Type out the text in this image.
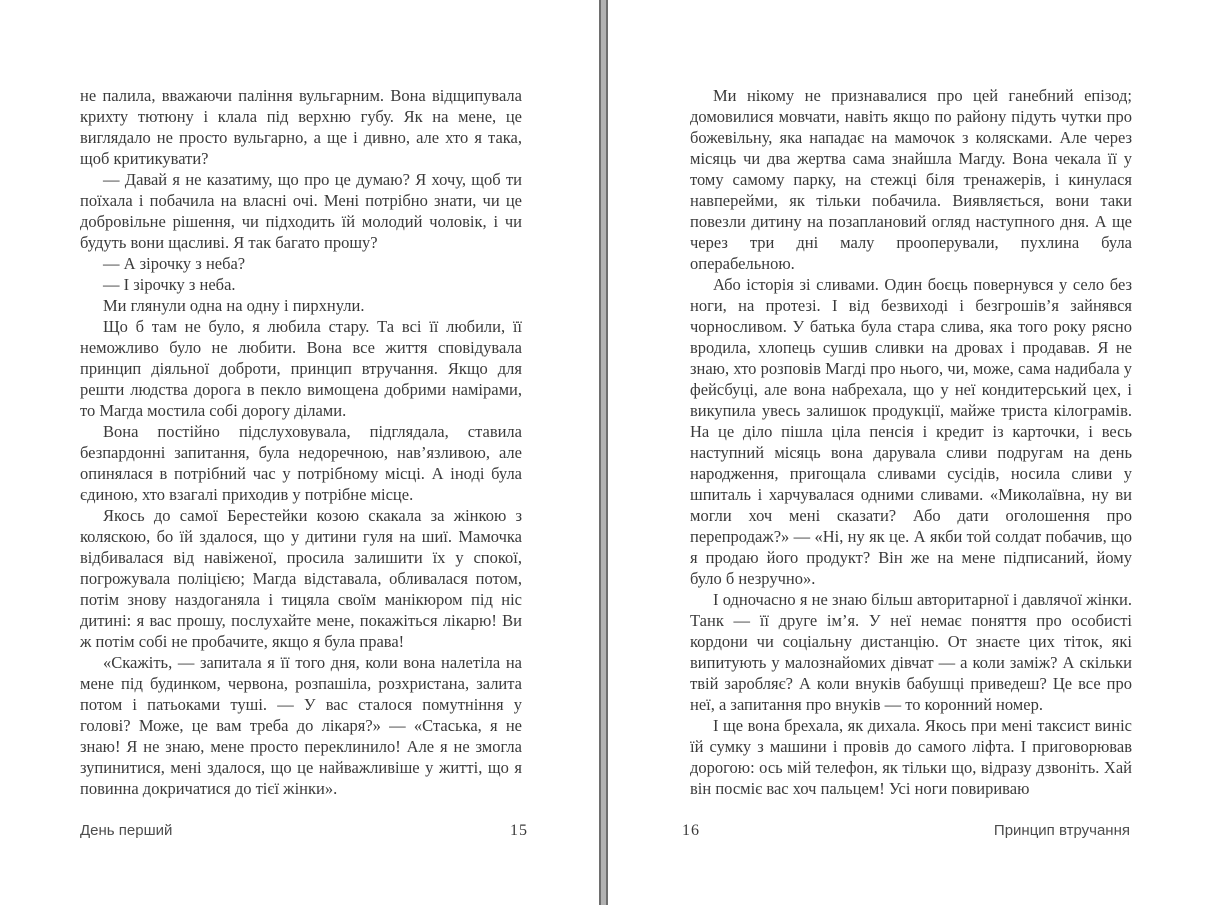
не палила, вважаючи паління вульгарним. Вона відщипувала крихту тютюну і клала під верхню губу. Як на мене, це виглядало не просто вульгарно, а ще і дивно, але хто я така, щоб критикувати?

— Давай я не казатиму, що про це думаю? Я хочу, щоб ти поїхала і побачила на власні очі. Мені потрібно знати, чи це добровільне рішення, чи підходить їй молодий чоловік, і чи будуть вони щасливі. Я так багато прошу?

— А зірочку з неба?

— І зірочку з неба.

Ми глянули одна на одну і пирхнули.

Що б там не було, я любила стару. Та всі її любили, її неможливо було не любити. Вона все життя сповідувала принцип діяльної доброти, принцип втручання. Якщо для решти людства дорога в пекло вимощена добрими намірами, то Магда мостила собі дорогу ділами.

Вона постійно підслуховувала, підглядала, ставила безпардонні запитання, була недоречною, нав’язливою, але опинялася в потрібний час у потрібному місці. А іноді була єдиною, хто взагалі приходив у потрібне місце.

Якось до самої Берестейки козою скакала за жінкою з коляскою, бо їй здалося, що у дитини гуля на шиї. Мамочка відбивалася від навіженої, просила залишити їх у спокої, погрожувала поліцією; Магда відставала, обливалася потом, потім знову наздоганяла і тицяла своїм манікюром під ніс дитині: я вас прошу, послухайте мене, покажіться лікарю! Ви ж потім собі не пробачите, якщо я була права!

«Скажіть, — запитала я її того дня, коли вона налетіла на мене під будинком, червона, розпашіла, розхристана, залита потом і патьоками туші. — У вас сталося помутніння у голові? Може, це вам треба до лікаря?» — «Стаська, я не знаю! Я не знаю, мене просто переклинило! Але я не змогла зупинитися, мені здалося, що це найважливіше у житті, що я повинна докричатися до тієї жінки».

Ми нікому не признавалися про цей ганебний епізод; домовилися мовчати, навіть якщо по району підуть чутки про божевільну, яка нападає на мамочок з колясками. Але через місяць чи два жертва сама знайшла Магду. Вона чекала її у тому самому парку, на стежці біля тренажерів, і кинулася навперейми, як тільки побачила. Виявляється, вони таки повезли дитину на позаплановий огляд наступного дня. А ще через три дні малу прооперували, пухлина була операбельною.

Або історія зі сливами. Один боєць повернувся у село без ноги, на протезі. І від безвиході і безгрошів’я зайнявся чорносливом. У батька була стара слива, яка того року рясно вродила, хлопець сушив сливки на дровах і продавав. Я не знаю, хто розповів Магді про нього, чи, може, сама надибала у фейсбуці, але вона набрехала, що у неї кондитерський цех, і викупила увесь залишок продукції, майже триста кілограмів. На це діло пішла ціла пенсія і кредит із карточки, і весь наступний місяць вона дарувала сливи подругам на день народження, пригощала сливами сусідів, носила сливи у шпиталь і харчувалася одними сливами. «Миколаївна, ну ви могли хоч мені сказати? Або дати оголошення про перепродаж?» — «Ні, ну як це. А якби той солдат побачив, що я продаю його продукт? Він же на мене підписаний, йому було б незручно».

І одночасно я не знаю більш авторитарної і давлячої жінки. Танк — її друге ім’я. У неї немає поняття про особисті кордони чи соціальну дистанцію. От знаєте цих тіток, які випитують у малознайомих дівчат — а коли заміж? А скільки твій заробляє? А коли внуків бабушці приведеш? Це все про неї, а запитання про внуків — то коронний номер.

І ще вона брехала, як дихала. Якось при мені таксист виніс їй сумку з машини і провів до самого ліфта. І приговорював дорогою: ось мій телефон, як тільки що, відразу дзвоніть. Хай він посміє вас хоч пальцем! Усі ноги повириваю

День перший	15	16	Принцип втручання
